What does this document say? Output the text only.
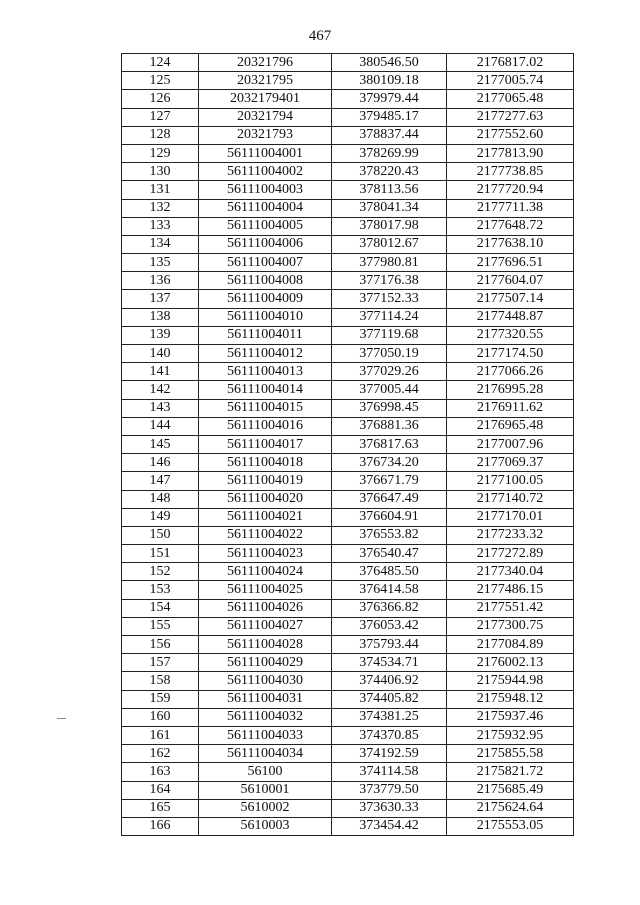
467
124	20321796	380546.50	2176817.02
125	20321795	380109.18	2177005.74
126	2032179401	379979.44	2177065.48
127	20321794	379485.17	2177277.63
128	20321793	378837.44	2177552.60
129	56111004001	378269.99	2177813.90
130	56111004002	378220.43	2177738.85
131	56111004003	378113.56	2177720.94
132	56111004004	378041.34	2177711.38
133	56111004005	378017.98	2177648.72
134	56111004006	378012.67	2177638.10
135	56111004007	377980.81	2177696.51
136	56111004008	377176.38	2177604.07
137	56111004009	377152.33	2177507.14
138	56111004010	377114.24	2177448.87
139	56111004011	377119.68	2177320.55
140	56111004012	377050.19	2177174.50
141	56111004013	377029.26	2177066.26
142	56111004014	377005.44	2176995.28
143	56111004015	376998.45	2176911.62
144	56111004016	376881.36	2176965.48
145	56111004017	376817.63	2177007.96
146	56111004018	376734.20	2177069.37
147	56111004019	376671.79	2177100.05
148	56111004020	376647.49	2177140.72
149	56111004021	376604.91	2177170.01
150	56111004022	376553.82	2177233.32
151	56111004023	376540.47	2177272.89
152	56111004024	376485.50	2177340.04
153	56111004025	376414.58	2177486.15
154	56111004026	376366.82	2177551.42
155	56111004027	376053.42	2177300.75
156	56111004028	375793.44	2177084.89
157	56111004029	374534.71	2176002.13
158	56111004030	374406.92	2175944.98
159	56111004031	374405.82	2175948.12
160	56111004032	374381.25	2175937.46
161	56111004033	374370.85	2175932.95
162	56111004034	374192.59	2175855.58
163	56100	374114.58	2175821.72
164	5610001	373779.50	2175685.49
165	5610002	373630.33	2175624.64
166	5610003	373454.42	2175553.05
